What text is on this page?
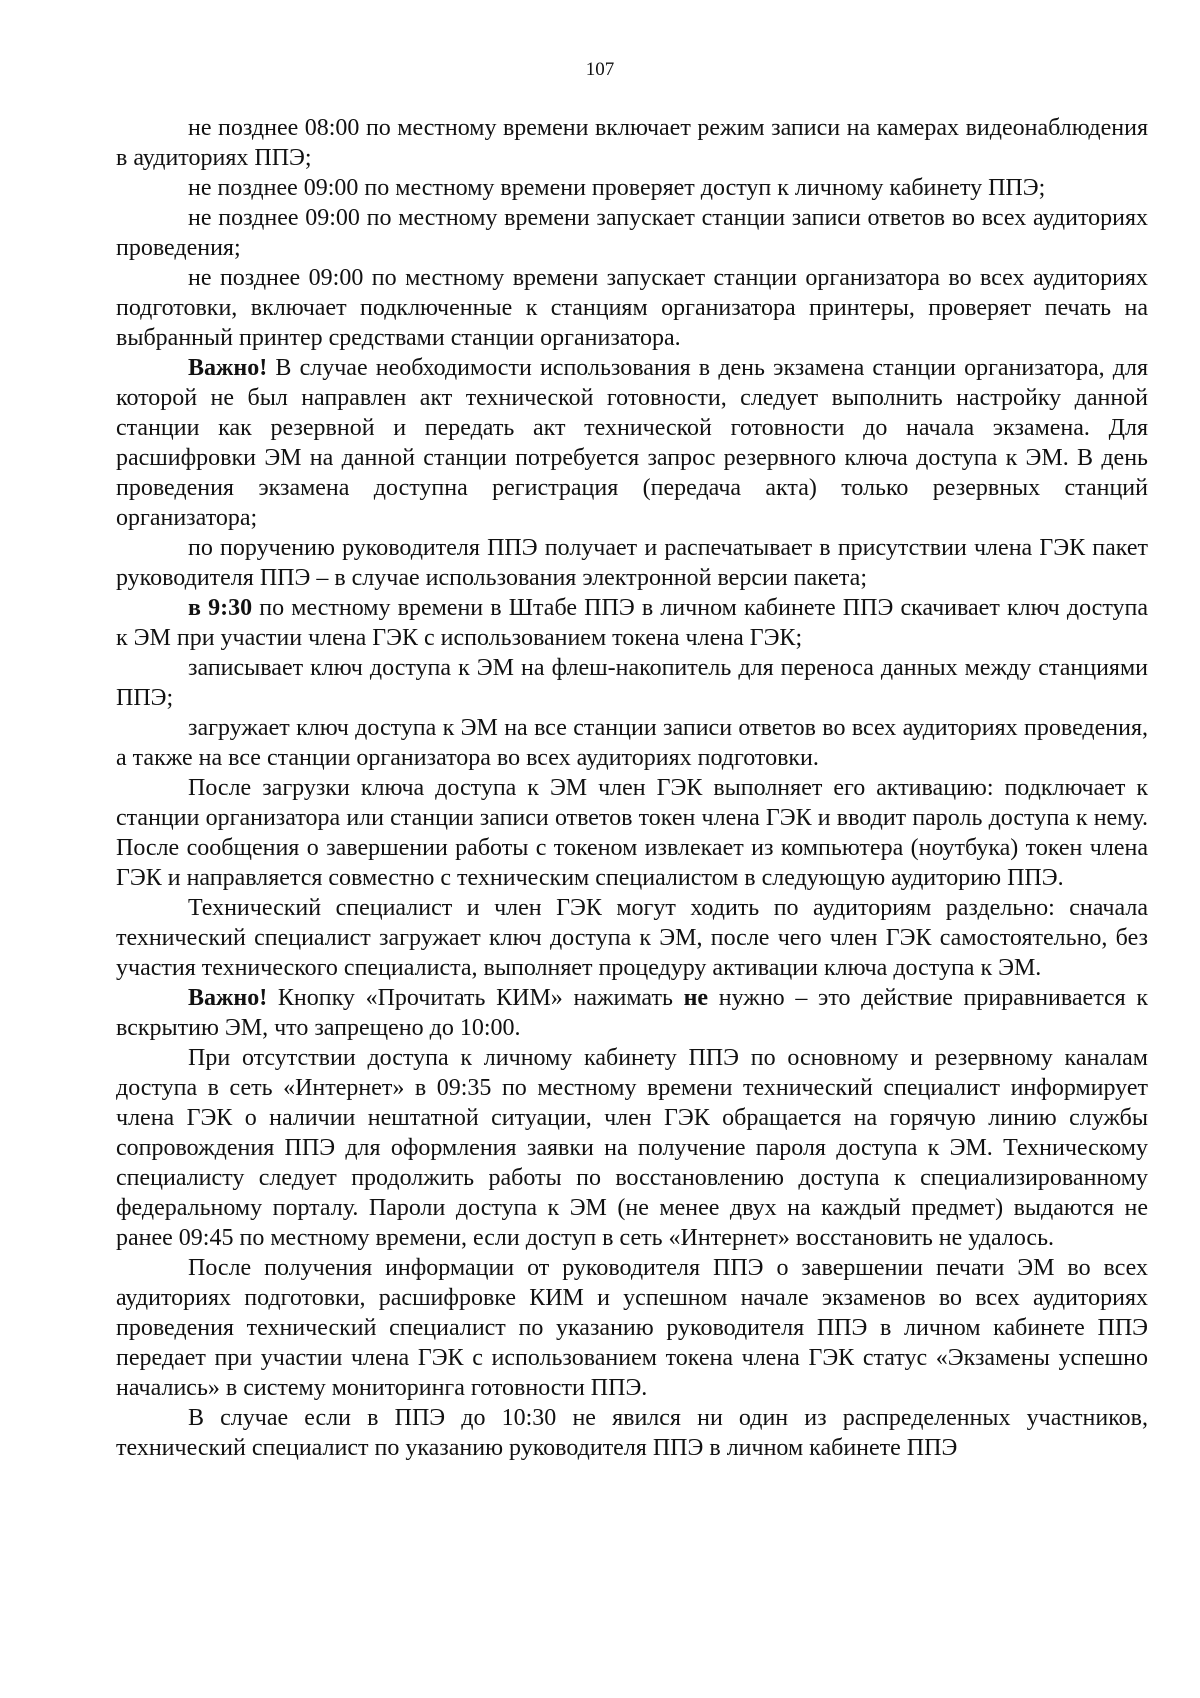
107

не позднее 08:00 по местному времени включает режим записи на камерах видеонаблюдения в аудиториях ППЭ;

не позднее 09:00 по местному времени проверяет доступ к личному кабинету ППЭ;

не позднее 09:00 по местному времени запускает станции записи ответов во всех аудиториях проведения;

не позднее 09:00 по местному времени запускает станции организатора во всех аудиториях подготовки, включает подключенные к станциям организатора принтеры, проверяет печать на выбранный принтер средствами станции организатора.

Важно! В случае необходимости использования в день экзамена станции организатора, для которой не был направлен акт технической готовности, следует выполнить настройку данной станции как резервной и передать акт технической готовности до начала экзамена. Для расшифровки ЭМ на данной станции потребуется запрос резервного ключа доступа к ЭМ. В день проведения экзамена доступна регистрация (передача акта) только резервных станций организатора;

по поручению руководителя ППЭ получает и распечатывает в присутствии члена ГЭК пакет руководителя ППЭ – в случае использования электронной версии пакета;

в 9:30 по местному времени в Штабе ППЭ в личном кабинете ППЭ скачивает ключ доступа к ЭМ при участии члена ГЭК с использованием токена члена ГЭК;

записывает ключ доступа к ЭМ на флеш-накопитель для переноса данных между станциями ППЭ;

загружает ключ доступа к ЭМ на все станции записи ответов во всех аудиториях проведения, а также на все станции организатора во всех аудиториях подготовки.

После загрузки ключа доступа к ЭМ член ГЭК выполняет его активацию: подключает к станции организатора или станции записи ответов токен члена ГЭК и вводит пароль доступа к нему. После сообщения о завершении работы с токеном извлекает из компьютера (ноутбука) токен члена ГЭК и направляется совместно с техническим специалистом в следующую аудиторию ППЭ.

Технический специалист и член ГЭК могут ходить по аудиториям раздельно: сначала технический специалист загружает ключ доступа к ЭМ, после чего член ГЭК самостоятельно, без участия технического специалиста, выполняет процедуру активации ключа доступа к ЭМ.

Важно! Кнопку «Прочитать КИМ» нажимать не нужно – это действие приравнивается к вскрытию ЭМ, что запрещено до 10:00.

При отсутствии доступа к личному кабинету ППЭ по основному и резервному каналам доступа в сеть «Интернет» в 09:35 по местному времени технический специалист информирует члена ГЭК о наличии нештатной ситуации, член ГЭК обращается на горячую линию службы сопровождения ППЭ для оформления заявки на получение пароля доступа к ЭМ. Техническому специалисту следует продолжить работы по восстановлению доступа к специализированному федеральному порталу. Пароли доступа к ЭМ (не менее двух на каждый предмет) выдаются не ранее 09:45 по местному времени, если доступ в сеть «Интернет» восстановить не удалось.

После получения информации от руководителя ППЭ о завершении печати ЭМ во всех аудиториях подготовки, расшифровке КИМ и успешном начале экзаменов во всех аудиториях проведения технический специалист по указанию руководителя ППЭ в личном кабинете ППЭ передает при участии члена ГЭК с использованием токена члена ГЭК статус «Экзамены успешно начались» в систему мониторинга готовности ППЭ.

В случае если в ППЭ до 10:30 не явился ни один из распределенных участников, технический специалист по указанию руководителя ППЭ в личном кабинете ППЭ
